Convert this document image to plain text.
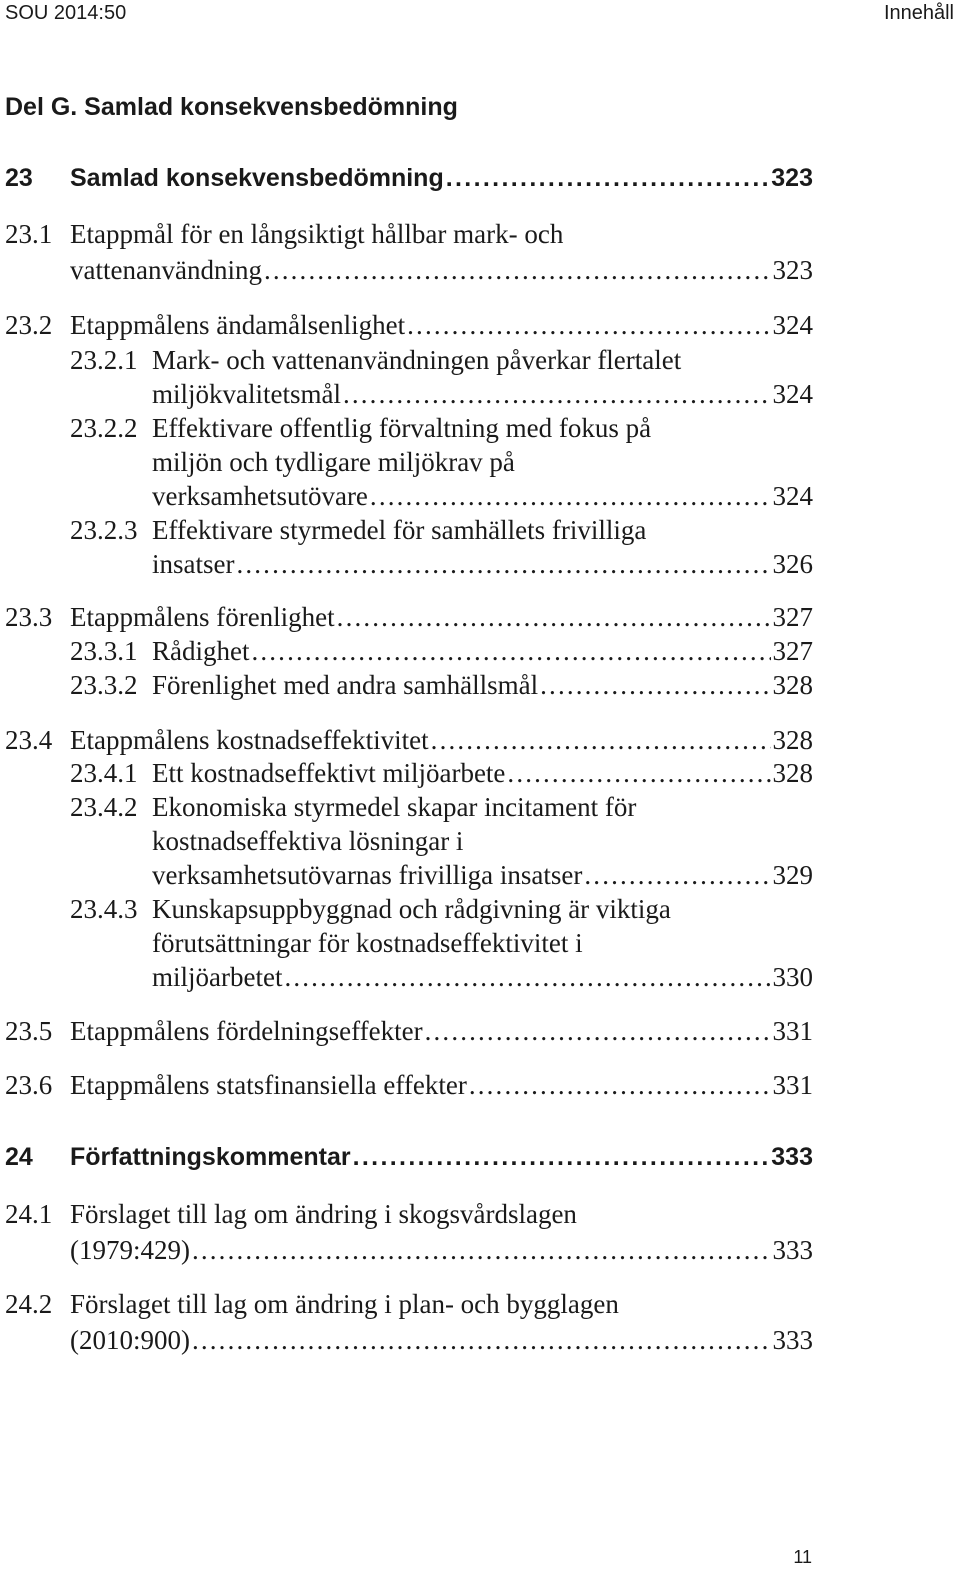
SOU 2014:50	Innehåll
Del G. Samlad konsekvensbedömning
23 Samlad konsekvensbedömning . . .	323
23.1 Etappmål för en långsiktigt hållbar mark- och
vattenanvändning . . .	323
23.2 Etappmålens ändamålsenlighet . . .	324
23.2.1 Mark- och vattenanvändningen påverkar flertalet
miljökvalitetsmål . . .	324
23.2.2 Effektivare offentlig förvaltning med fokus på
miljön och tydligare miljökrav på
verksamhetsutövare . . .	324
23.2.3 Effektivare styrmedel för samhällets frivilliga
insatser . . .	326
23.3 Etappmålens förenlighet . . .	327
23.3.1 Rådighet . . .	327
23.3.2 Förenlighet med andra samhällsmål . . .	328
23.4 Etappmålens kostnadseffektivitet . . .	328
23.4.1 Ett kostnadseffektivt miljöarbete . . .	328
23.4.2 Ekonomiska styrmedel skapar incitament för
kostnadseffektiva lösningar i
verksamhetsutövarnas frivilliga insatser . . .	329
23.4.3 Kunskapsuppbyggnad och rådgivning är viktiga
förutsättningar för kostnadseffektivitet i
miljöarbetet . . .	330
23.5 Etappmålens fördelningseffekter . . .	331
23.6 Etappmålens statsfinansiella effekter . . .	331
24 Författningskommentar . . .	333
24.1 Förslaget till lag om ändring i skogsvårdslagen
(1979:429) . . .	333
24.2 Förslaget till lag om ändring i plan- och bygglagen
(2010:900) . . .	333
11
